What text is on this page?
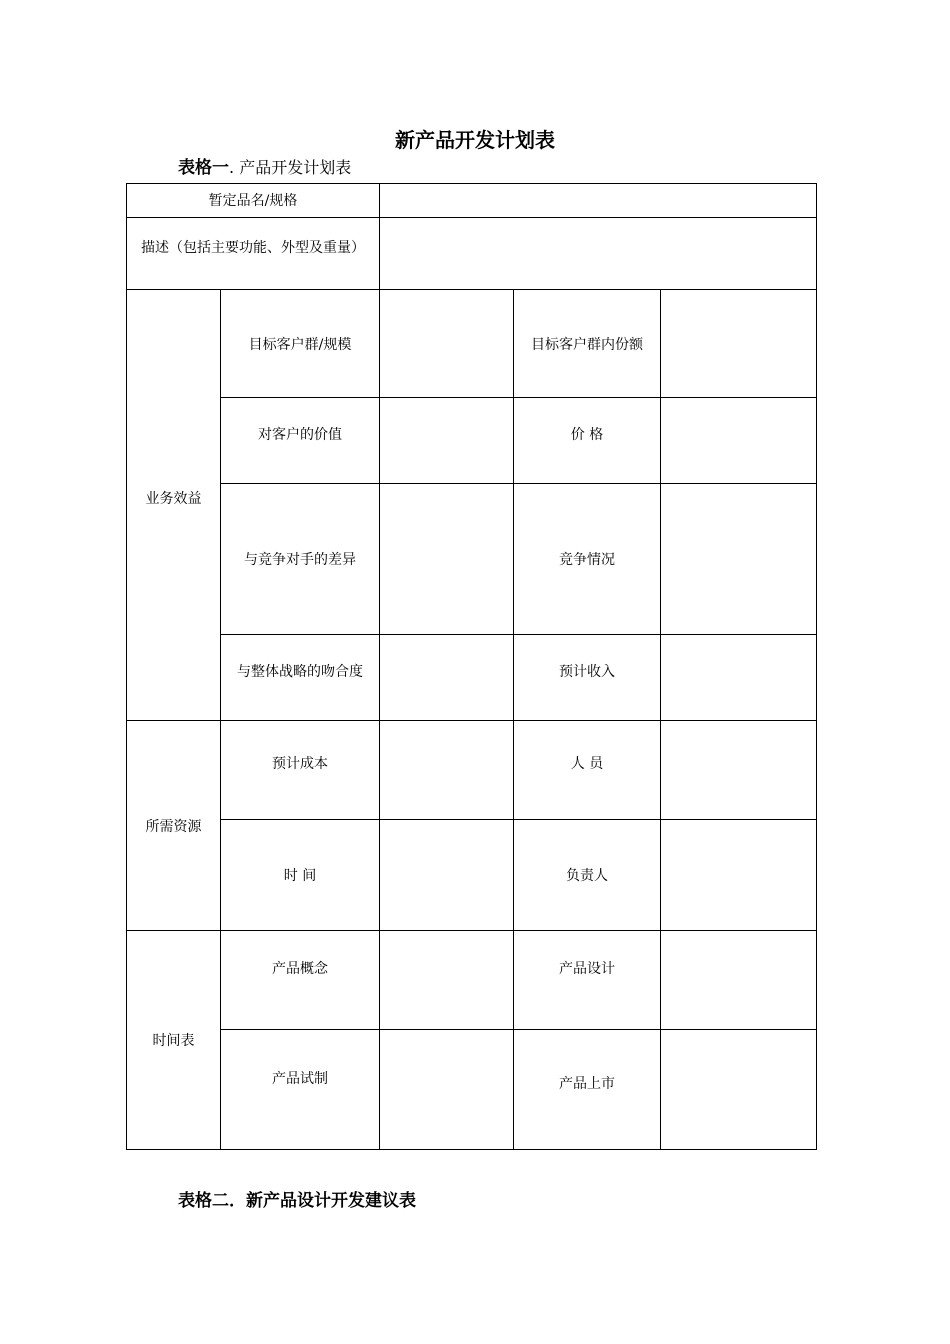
新产品开发计划表
表格一. 产品开发计划表
暂定品名/规格				
描述（包括主要功能、外型及重量）				
业务效益	目标客户群/规模		目标客户群内份额	
	对客户的价值		价 格	
	与竞争对手的差异		竞争情况	
	与整体战略的吻合度		预计收入	
所需资源	预计成本		人 员	
	时 间		负责人	
时间表	产品概念		产品设计	
	产品试制		产品上市	
表格二．新产品设计开发建议表
